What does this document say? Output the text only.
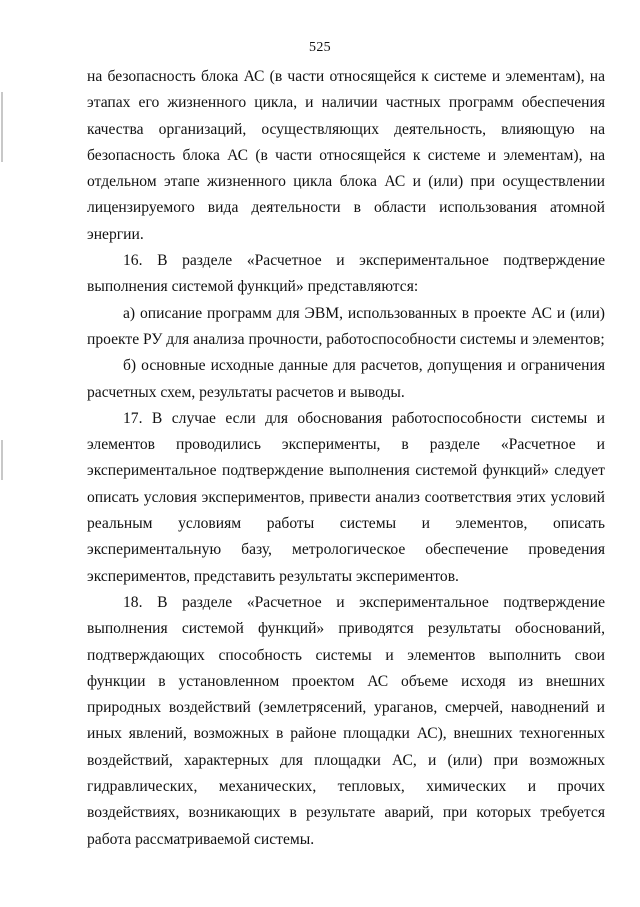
525

на безопасность блока АС (в части относящейся к системе и элементам), на этапах его жизненного цикла, и наличии частных программ обеспечения качества организаций, осуществляющих деятельность, влияющую на безопасность блока АС (в части относящейся к системе и элементам), на отдельном этапе жизненного цикла блока АС и (или) при осуществлении лицензируемого вида деятельности в области использования атомной энергии.

16. В разделе «Расчетное и экспериментальное подтверждение выполнения системой функций» представляются:

а) описание программ для ЭВМ, использованных в проекте АС и (или) проекте РУ для анализа прочности, работоспособности системы и элементов;

б) основные исходные данные для расчетов, допущения и ограничения расчетных схем, результаты расчетов и выводы.

17. В случае если для обоснования работоспособности системы и элементов проводились эксперименты, в разделе «Расчетное и экспериментальное подтверждение выполнения системой функций» следует описать условия экспериментов, привести анализ соответствия этих условий реальным условиям работы системы и элементов, описать экспериментальную базу, метрологическое обеспечение проведения экспериментов, представить результаты экспериментов.

18. В разделе «Расчетное и экспериментальное подтверждение выполнения системой функций» приводятся результаты обоснований, подтверждающих способность системы и элементов выполнить свои функции в установленном проектом АС объеме исходя из внешних природных воздействий (землетрясений, ураганов, смерчей, наводнений и иных явлений, возможных в районе площадки АС), внешних техногенных воздействий, характерных для площадки АС, и (или) при возможных гидравлических, механических, тепловых, химических и прочих воздействиях, возникающих в результате аварий, при которых требуется работа рассматриваемой системы.
